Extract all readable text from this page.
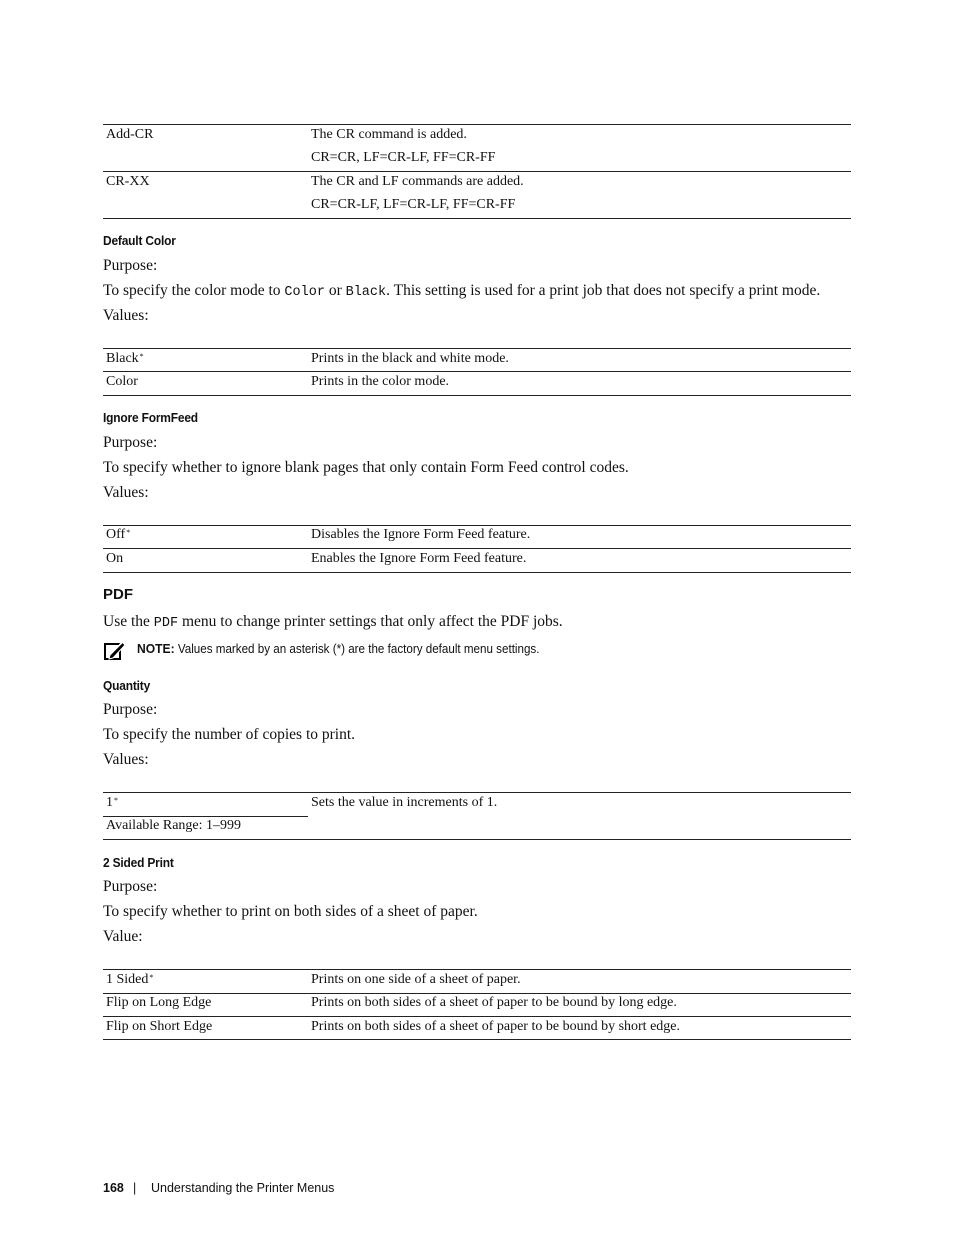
Add-CR	The CR command is added.
CR=CR, LF=CR-LF, FF=CR-FF
CR-XX	The CR and LF commands are added.
CR=CR-LF, LF=CR-LF, FF=CR-FF
Default Color
Purpose:
To specify the color mode to Color or Black. This setting is used for a print job that does not specify a print mode.
Values:
Black*	Prints in the black and white mode.
Color	Prints in the color mode.
Ignore FormFeed
Purpose:
To specify whether to ignore blank pages that only contain Form Feed control codes.
Values:
Off*	Disables the Ignore Form Feed feature.
On	Enables the Ignore Form Feed feature.
PDF
Use the PDF menu to change printer settings that only affect the PDF jobs.
NOTE: Values marked by an asterisk (*) are the factory default menu settings.
Quantity
Purpose:
To specify the number of copies to print.
Values:
1*	Sets the value in increments of 1.
Available Range: 1–999
2 Sided Print
Purpose:
To specify whether to print on both sides of a sheet of paper.
Value:
1 Sided*	Prints on one side of a sheet of paper.
Flip on Long Edge	Prints on both sides of a sheet of paper to be bound by long edge.
Flip on Short Edge	Prints on both sides of a sheet of paper to be bound by short edge.
168 | Understanding the Printer Menus
